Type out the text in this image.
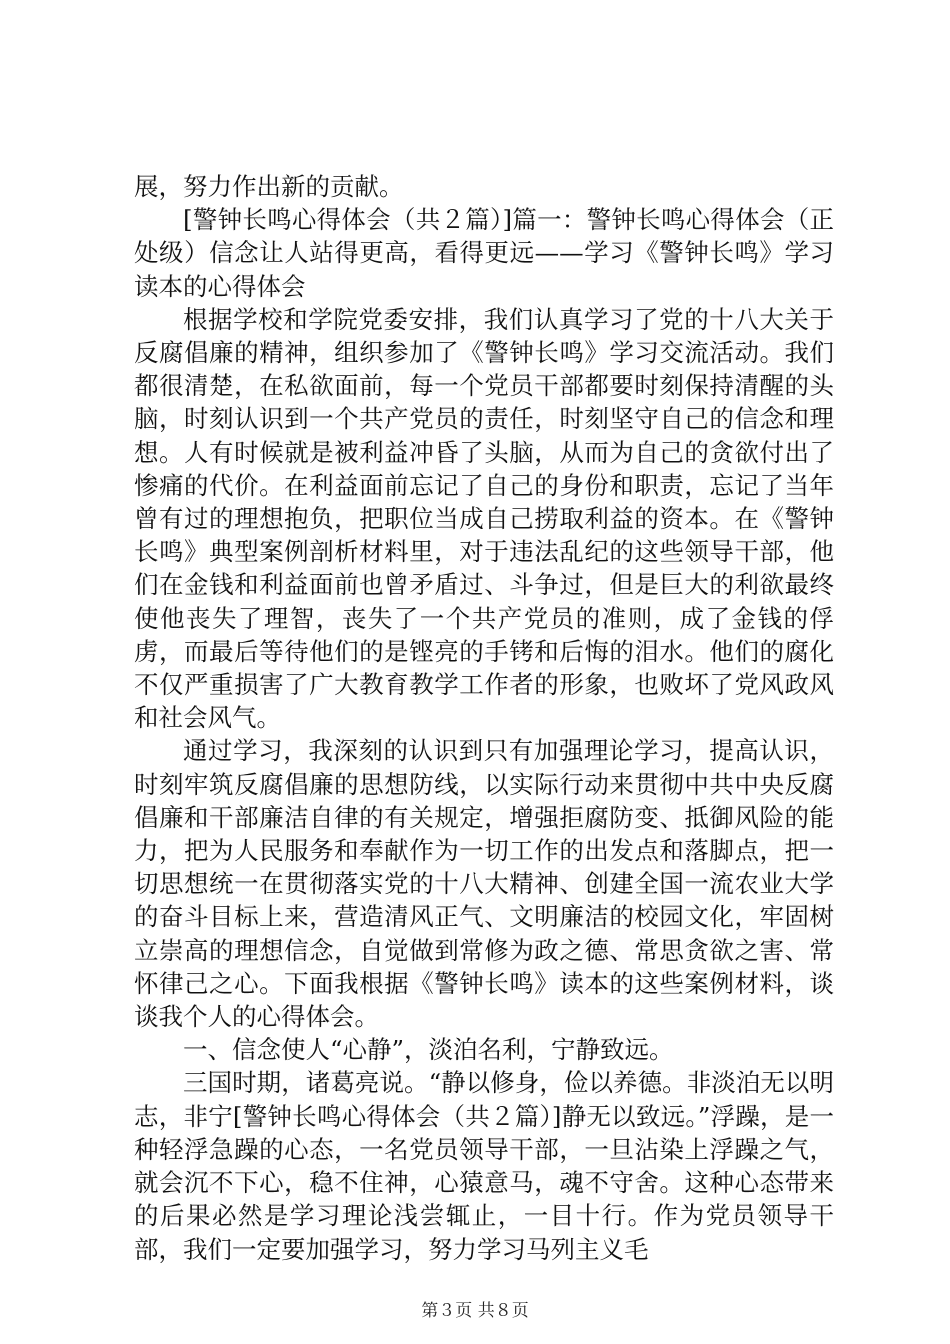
展，努力作出新的贡献。

[警钟长鸣心得体会（共２篇）]篇一：警钟长鸣心得体会（正处级）信念让人站得更高，看得更远——学习《警钟长鸣》学习读本的心得体会

根据学校和学院党委安排，我们认真学习了党的十八大关于反腐倡廉的精神，组织参加了《警钟长鸣》学习交流活动。我们都很清楚，在私欲面前，每一个党员干部都要时刻保持清醒的头脑，时刻认识到一个共产党员的责任，时刻坚守自己的信念和理想。人有时候就是被利益冲昏了头脑，从而为自己的贪欲付出了惨痛的代价。在利益面前忘记了自己的身份和职责，忘记了当年曾有过的理想抱负，把职位当成自己捞取利益的资本。在《警钟长鸣》典型案例剖析材料里，对于违法乱纪的这些领导干部，他们在金钱和利益面前也曾矛盾过、斗争过，但是巨大的利欲最终使他丧失了理智，丧失了一个共产党员的准则，成了金钱的俘虏，而最后等待他们的是铿亮的手铐和后悔的泪水。他们的腐化不仅严重损害了广大教育教学工作者的形象，也败坏了党风政风和社会风气。

通过学习，我深刻的认识到只有加强理论学习，提高认识，时刻牢筑反腐倡廉的思想防线，以实际行动来贯彻中共中央反腐倡廉和干部廉洁自律的有关规定，增强拒腐防变、抵御风险的能力，把为人民服务和奉献作为一切工作的出发点和落脚点，把一切思想统一在贯彻落实党的十八大精神、创建全国一流农业大学的奋斗目标上来，营造清风正气、文明廉洁的校园文化，牢固树立崇高的理想信念，自觉做到常修为政之德、常思贪欲之害、常怀律己之心。下面我根据《警钟长鸣》读本的这些案例材料，谈谈我个人的心得体会。

一、信念使人“心静”，淡泊名利，宁静致远。

三国时期，诸葛亮说。“静以修身，俭以养德。非淡泊无以明志，非宁[警钟长鸣心得体会（共２篇）]静无以致远。”浮躁，是一种轻浮急躁的心态，一名党员领导干部，一旦沾染上浮躁之气，就会沉不下心，稳不住神，心猿意马，魂不守舍。这种心态带来的后果必然是学习理论浅尝辄止，一目十行。作为党员领导干部，我们一定要加强学习，努力学习马列主义毛

第３页 共８页
